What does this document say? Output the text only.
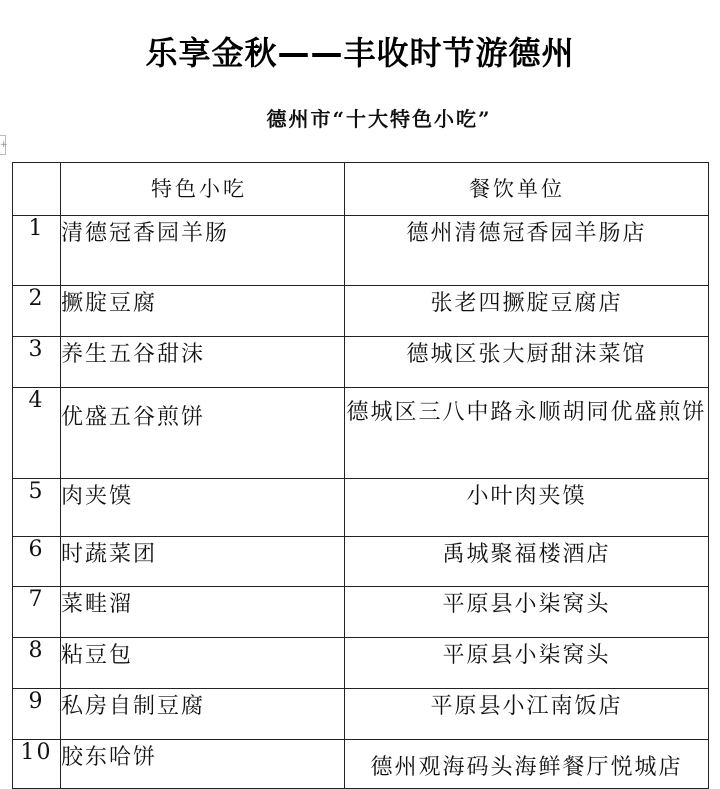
乐享金秋——丰收时节游德州
德州市“十大特色小吃”
+

	特色小吃	餐饮单位

1	清德冠香园羊肠	德州清德冠香园羊肠店
2	撅腚豆腐	张老四撅腚豆腐店
3	养生五谷甜沫	德城区张大厨甜沫菜馆
4	优盛五谷煎饼	德城区三八中路永顺胡同优盛煎饼
5	肉夹馍	小叶肉夹馍
6	时蔬菜团	禹城聚福楼酒店
7	菜畦溜	平原县小柒窝头
8	粘豆包	平原县小柒窝头
9	私房自制豆腐	平原县小江南饭店
10	胶东哈饼	德州观海码头海鲜餐厅悦城店
